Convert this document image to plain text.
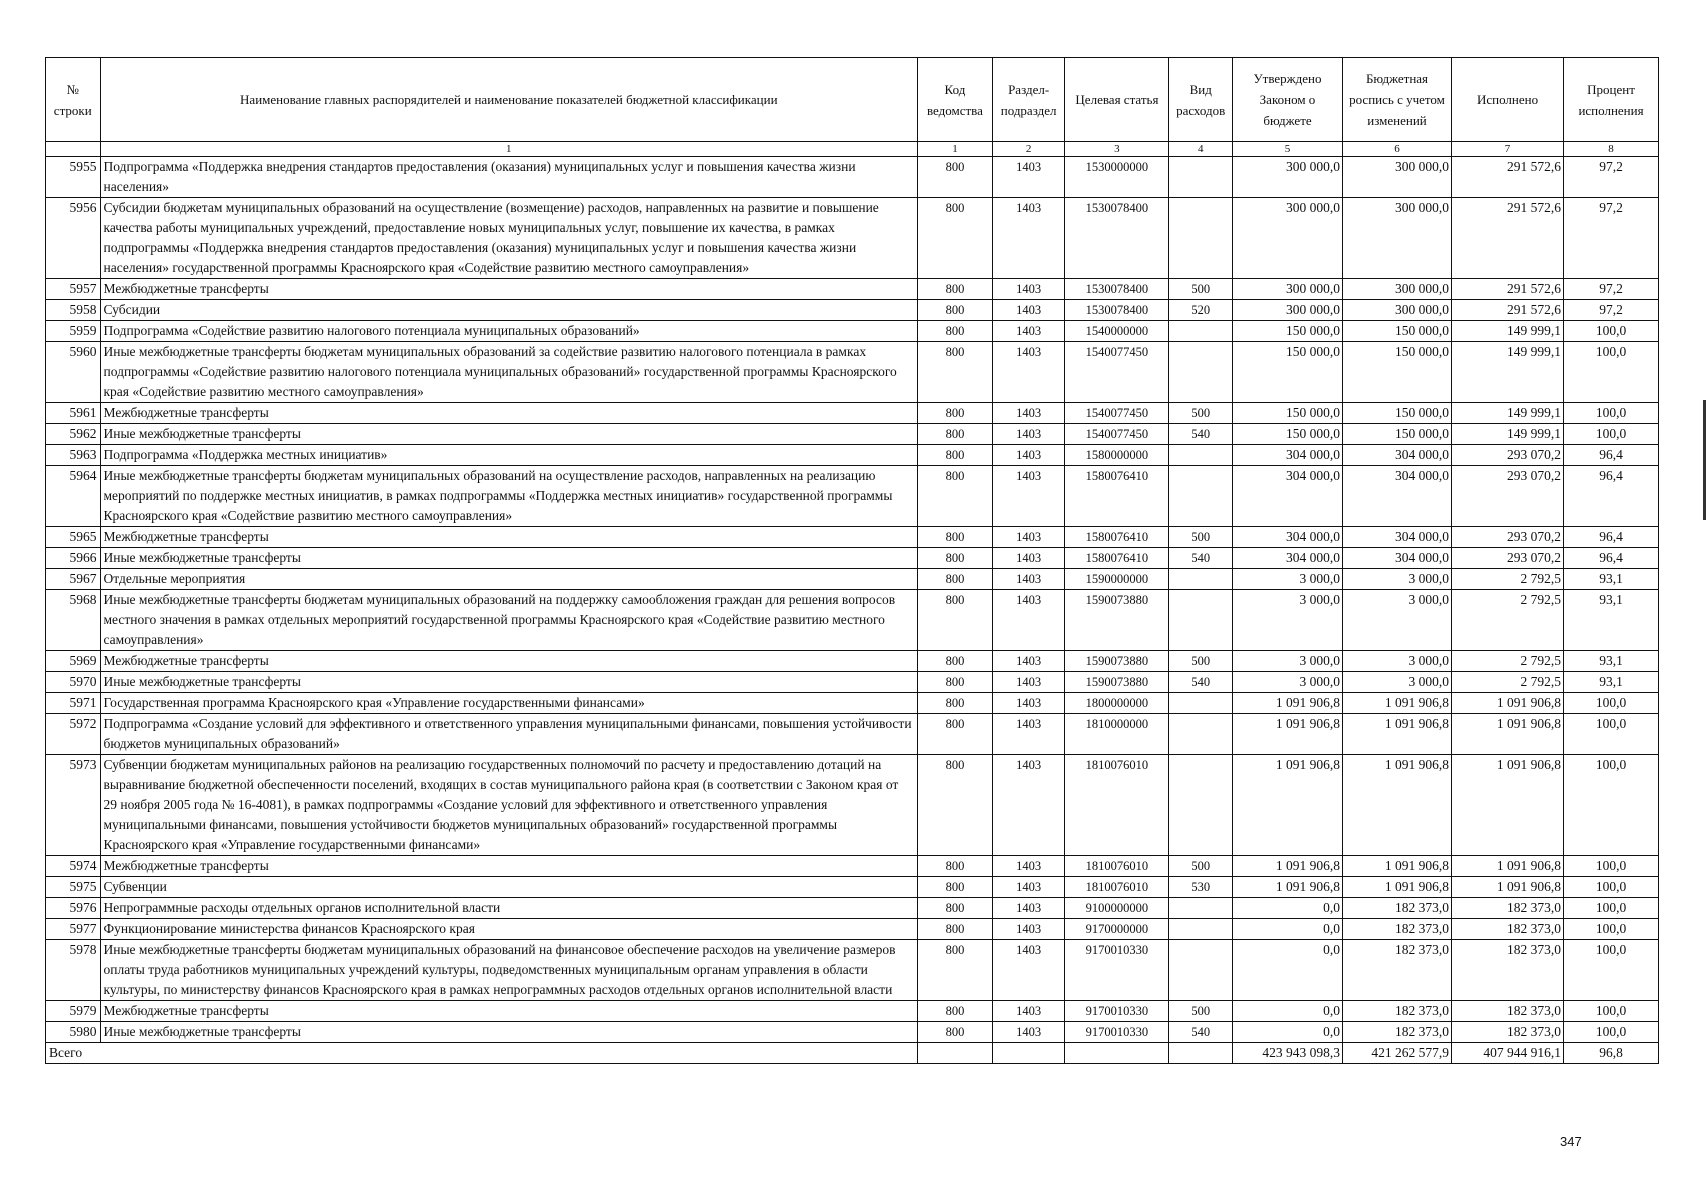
№ строки	Наименование главных распорядителей и наименование показателей бюджетной классификации	Код ведомства	Раздел-подраздел	Целевая статья	Вид расходов	Утверждено Законом о бюджете	Бюджетная роспись с учетом изменений	Исполнено	Процент исполнения
	1	1	2	3	4	5	6	7	8
5955	Подпрограмма «Поддержка внедрения стандартов предоставления (оказания) муниципальных услуг и повышения качества жизни населения»	800	1403	1530000000		300 000,0	300 000,0	291 572,6	97,2
5956	Субсидии бюджетам муниципальных образований на осуществление (возмещение) расходов, направленных на развитие и повышение качества работы муниципальных учреждений, предоставление новых муниципальных услуг, повышение их качества, в рамках подпрограммы «Поддержка внедрения стандартов предоставления (оказания) муниципальных услуг и повышения качества жизни населения» государственной программы Красноярского края «Содействие развитию местного самоуправления»	800	1403	1530078400		300 000,0	300 000,0	291 572,6	97,2
5957	Межбюджетные трансферты	800	1403	1530078400	500	300 000,0	300 000,0	291 572,6	97,2
5958	Субсидии	800	1403	1530078400	520	300 000,0	300 000,0	291 572,6	97,2
5959	Подпрограмма «Содействие развитию налогового потенциала муниципальных образований»	800	1403	1540000000		150 000,0	150 000,0	149 999,1	100,0
5960	Иные межбюджетные трансферты бюджетам муниципальных образований за содействие развитию налогового потенциала в рамках подпрограммы «Содействие развитию налогового потенциала муниципальных образований» государственной программы Красноярского края «Содействие развитию местного самоуправления»	800	1403	1540077450		150 000,0	150 000,0	149 999,1	100,0
5961	Межбюджетные трансферты	800	1403	1540077450	500	150 000,0	150 000,0	149 999,1	100,0
5962	Иные межбюджетные трансферты	800	1403	1540077450	540	150 000,0	150 000,0	149 999,1	100,0
5963	Подпрограмма «Поддержка местных инициатив»	800	1403	1580000000		304 000,0	304 000,0	293 070,2	96,4
5964	Иные межбюджетные трансферты бюджетам муниципальных образований на осуществление расходов, направленных на реализацию мероприятий по поддержке местных инициатив, в рамках подпрограммы «Поддержка местных инициатив» государственной программы Красноярского края «Содействие развитию местного самоуправления»	800	1403	1580076410		304 000,0	304 000,0	293 070,2	96,4
5965	Межбюджетные трансферты	800	1403	1580076410	500	304 000,0	304 000,0	293 070,2	96,4
5966	Иные межбюджетные трансферты	800	1403	1580076410	540	304 000,0	304 000,0	293 070,2	96,4
5967	Отдельные мероприятия	800	1403	1590000000		3 000,0	3 000,0	2 792,5	93,1
5968	Иные межбюджетные трансферты бюджетам муниципальных образований на поддержку самообложения граждан для решения вопросов местного значения в рамках отдельных мероприятий государственной программы Красноярского края «Содействие развитию местного самоуправления»	800	1403	1590073880		3 000,0	3 000,0	2 792,5	93,1
5969	Межбюджетные трансферты	800	1403	1590073880	500	3 000,0	3 000,0	2 792,5	93,1
5970	Иные межбюджетные трансферты	800	1403	1590073880	540	3 000,0	3 000,0	2 792,5	93,1
5971	Государственная программа Красноярского края «Управление государственными финансами»	800	1403	1800000000		1 091 906,8	1 091 906,8	1 091 906,8	100,0
5972	Подпрограмма «Создание условий для эффективного и ответственного управления муниципальными финансами, повышения устойчивости бюджетов муниципальных образований»	800	1403	1810000000		1 091 906,8	1 091 906,8	1 091 906,8	100,0
5973	Субвенции бюджетам муниципальных районов на реализацию государственных полномочий по расчету и предоставлению дотаций на выравнивание бюджетной обеспеченности поселений, входящих в состав муниципального района края (в соответствии с Законом края от 29 ноября 2005 года № 16-4081), в рамках подпрограммы «Создание условий для эффективного и ответственного управления муниципальными финансами, повышения устойчивости бюджетов муниципальных образований» государственной программы Красноярского края «Управление государственными финансами»	800	1403	1810076010		1 091 906,8	1 091 906,8	1 091 906,8	100,0
5974	Межбюджетные трансферты	800	1403	1810076010	500	1 091 906,8	1 091 906,8	1 091 906,8	100,0
5975	Субвенции	800	1403	1810076010	530	1 091 906,8	1 091 906,8	1 091 906,8	100,0
5976	Непрограммные расходы отдельных органов исполнительной власти	800	1403	9100000000		0,0	182 373,0	182 373,0	100,0
5977	Функционирование министерства финансов Красноярского края	800	1403	9170000000		0,0	182 373,0	182 373,0	100,0
5978	Иные межбюджетные трансферты бюджетам муниципальных образований на финансовое обеспечение расходов на увеличение размеров оплаты труда работников муниципальных учреждений культуры, подведомственных муниципальным органам управления в области культуры, по министерству финансов Красноярского края в рамках непрограммных расходов отдельных органов исполнительной власти	800	1403	9170010330		0,0	182 373,0	182 373,0	100,0
5979	Межбюджетные трансферты	800	1403	9170010330	500	0,0	182 373,0	182 373,0	100,0
5980	Иные межбюджетные трансферты	800	1403	9170010330	540	0,0	182 373,0	182 373,0	100,0
Всего						423 943 098,3	421 262 577,9	407 944 916,1	96,8
347
